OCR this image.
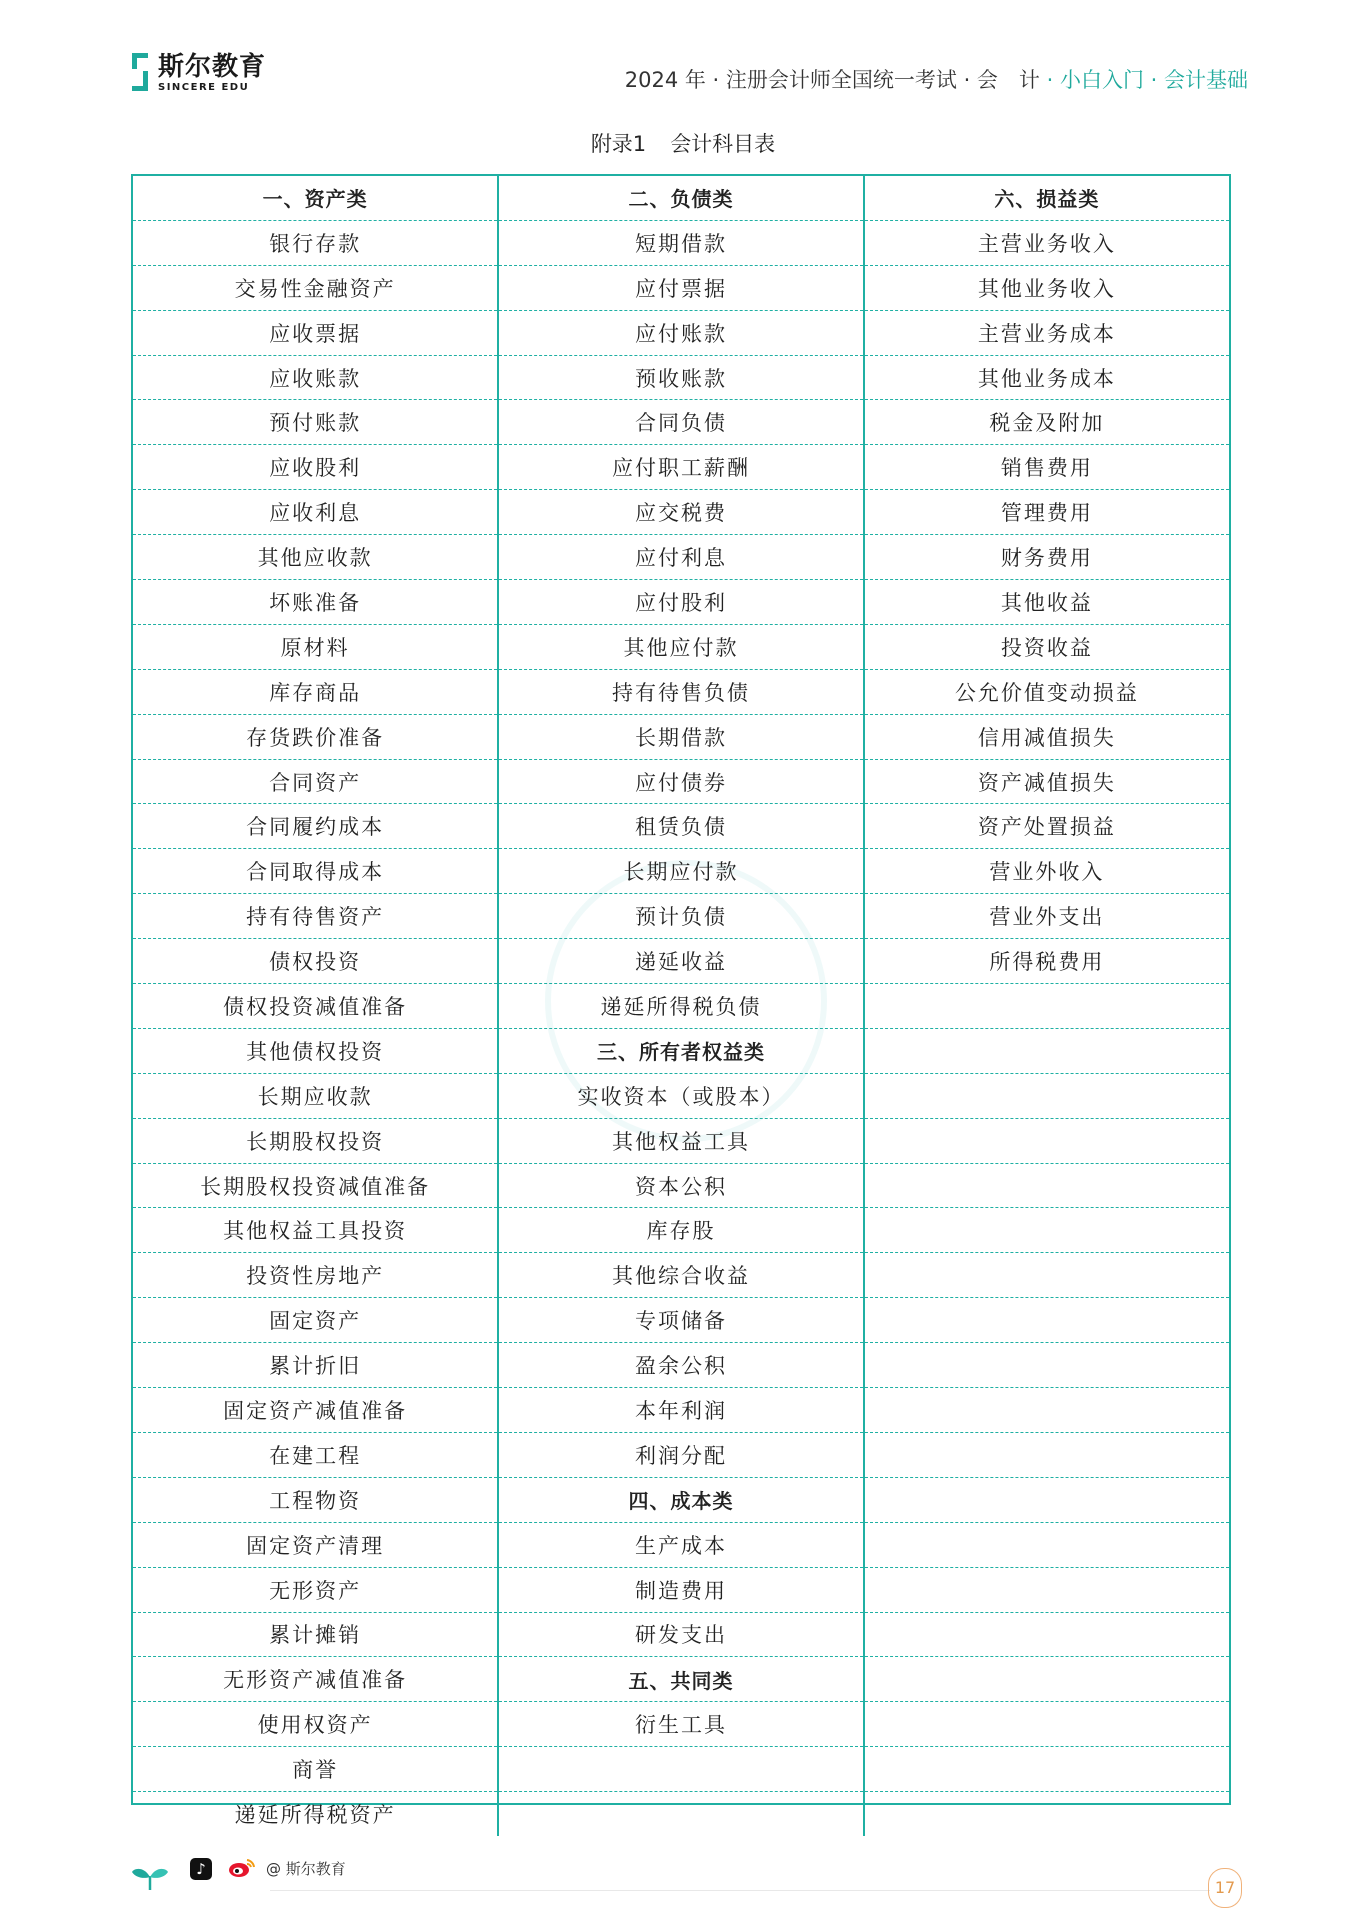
斯尔教育
SINCERE EDU	2024 年 · 注册会计师全国统一考试 · 会　计 · 小白入门 · 会计基础
附录1 会计科目表
一、资产类	二、负债类	六、损益类
银行存款	短期借款	主营业务收入
交易性金融资产	应付票据	其他业务收入
应收票据	应付账款	主营业务成本
应收账款	预收账款	其他业务成本
预付账款	合同负债	税金及附加
应收股利	应付职工薪酬	销售费用
应收利息	应交税费	管理费用
其他应收款	应付利息	财务费用
坏账准备	应付股利	其他收益
原材料	其他应付款	投资收益
库存商品	持有待售负债	公允价值变动损益
存货跌价准备	长期借款	信用减值损失
合同资产	应付债券	资产减值损失
合同履约成本	租赁负债	资产处置损益
合同取得成本	长期应付款	营业外收入
持有待售资产	预计负债	营业外支出
债权投资	递延收益	所得税费用
债权投资减值准备	递延所得税负债	
其他债权投资	三、所有者权益类	
长期应收款	实收资本（或股本）	
长期股权投资	其他权益工具	
长期股权投资减值准备	资本公积	
其他权益工具投资	库存股	
投资性房地产	其他综合收益	
固定资产	专项储备	
累计折旧	盈余公积	
固定资产减值准备	本年利润	
在建工程	利润分配	
工程物资	四、成本类	
固定资产清理	生产成本	
无形资产	制造费用	
累计摊销	研发支出	
无形资产减值准备	五、共同类	
使用权资产	衍生工具	
商誉		
递延所得税资产		
♪	@ 斯尔教育
17
